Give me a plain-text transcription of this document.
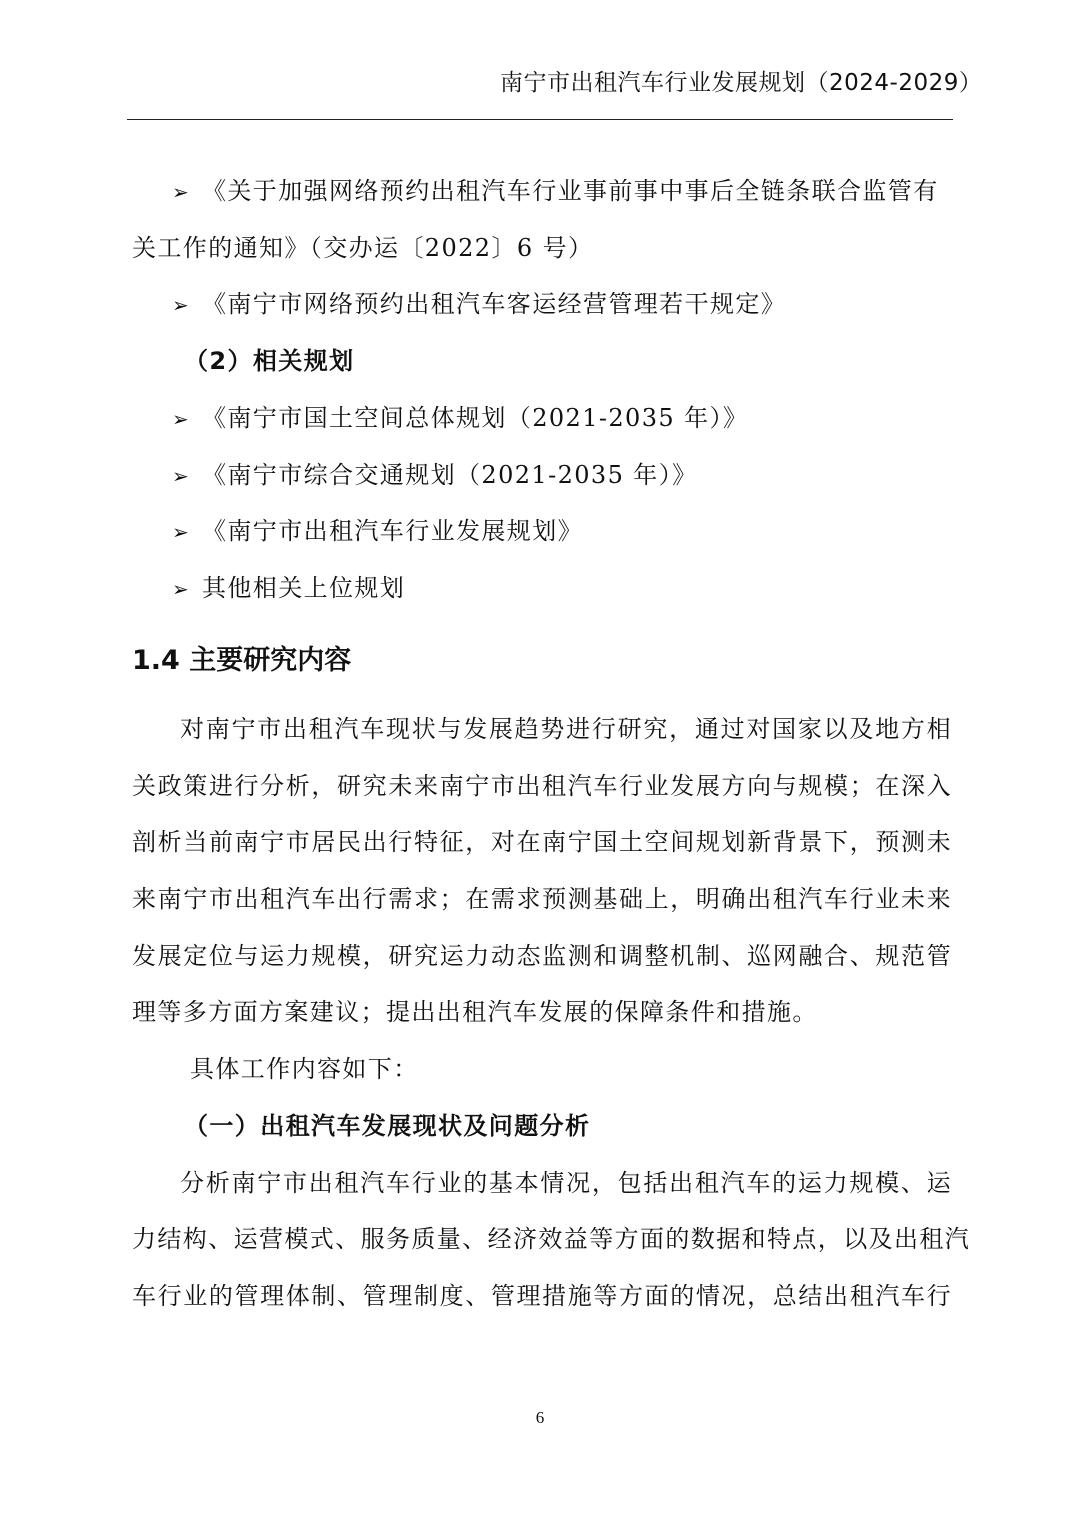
南宁市出租汽车行业发展规划（2024-2029）
➢ 《关于加强网络预约出租汽车行业事前事中事后全链条联合监管有
关工作的通知》（交办运〔2022〕6 号）
➢ 《南宁市网络预约出租汽车客运经营管理若干规定》
（2）相关规划
➢ 《南宁市国土空间总体规划（2021-2035 年）》
➢ 《南宁市综合交通规划（2021-2035 年）》
➢ 《南宁市出租汽车行业发展规划》
➢ 其他相关上位规划
1.4 主要研究内容
对南宁市出租汽车现状与发展趋势进行研究，通过对国家以及地方相
关政策进行分析，研究未来南宁市出租汽车行业发展方向与规模；在深入
剖析当前南宁市居民出行特征，对在南宁国土空间规划新背景下，预测未
来南宁市出租汽车出行需求；在需求预测基础上，明确出租汽车行业未来
发展定位与运力规模，研究运力动态监测和调整机制、巡网融合、规范管
理等多方面方案建议；提出出租汽车发展的保障条件和措施。
具体工作内容如下：
（一）出租汽车发展现状及问题分析
分析南宁市出租汽车行业的基本情况，包括出租汽车的运力规模、运
力结构、运营模式、服务质量、经济效益等方面的数据和特点，以及出租汽
车行业的管理体制、管理制度、管理措施等方面的情况，总结出租汽车行
6
